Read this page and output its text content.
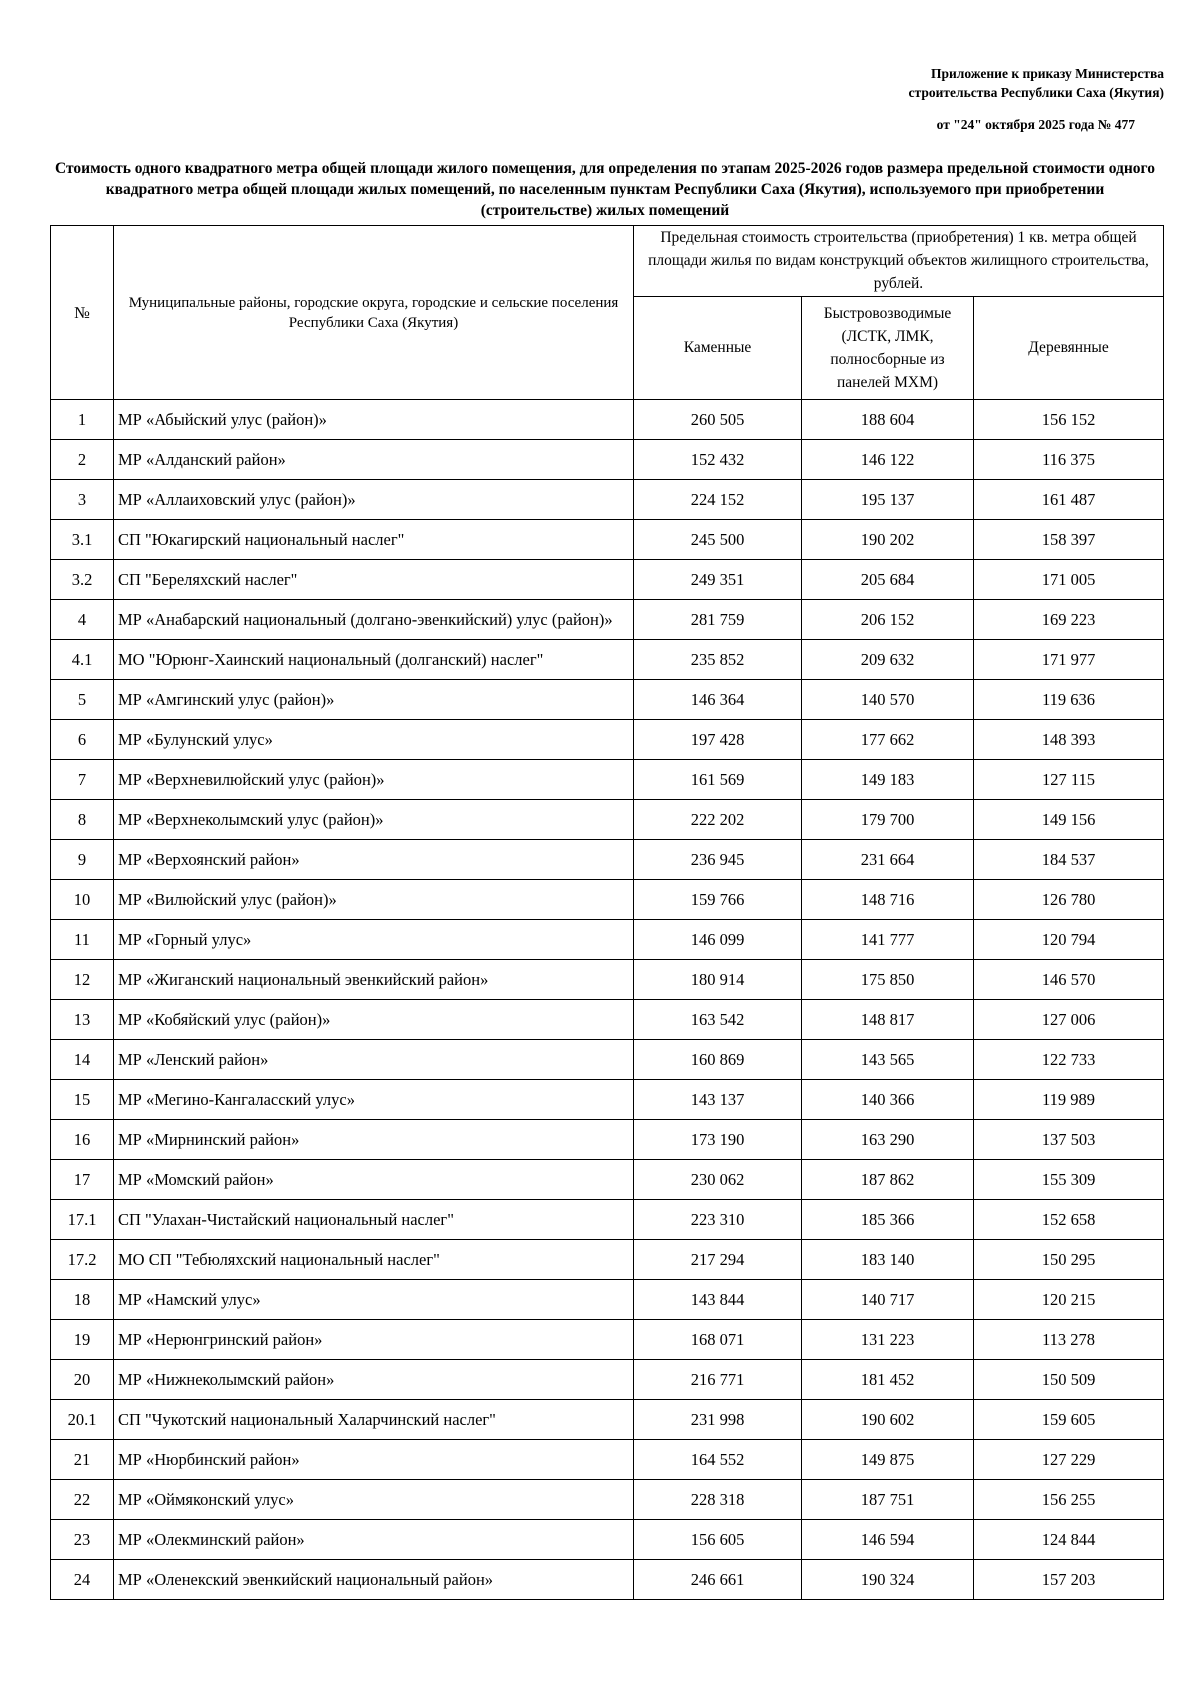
Приложение к приказу Министерства
строительства Республики Саха (Якутия)
от "24" октября 2025 года № 477
Стоимость одного квадратного метра общей площади жилого помещения, для определения по этапам 2025-2026 годов размера предельной стоимости одного квадратного метра общей площади жилых помещений, по населенным пунктам Республики Саха (Якутия), используемого при приобретении (строительстве) жилых помещений
№	Муниципальные районы, городские округа, городские и сельские поселения Республики Саха (Якутия)	Предельная стоимость строительства (приобретения) 1 кв. метра общей площади жилья по видам конструкций объектов жилищного строительства, рублей.		
		Каменные	Быстровозводимые (ЛСТК, ЛМК, полносборные из панелей МХМ)	Деревянные
1	МР «Абыйский улус (район)»	260 505	188 604	156 152
2	МР «Алданский район»	152 432	146 122	116 375
3	МР «Аллаиховский улус (район)»	224 152	195 137	161 487
3.1	СП "Юкагирский национальный наслег"	245 500	190 202	158 397
3.2	СП "Береляхский наслег"	249 351	205 684	171 005
4	МР «Анабарский национальный (долгано-эвенкийский) улус (район)»	281 759	206 152	169 223
4.1	МО "Юрюнг-Хаинский национальный (долганский) наслег"	235 852	209 632	171 977
5	МР «Амгинский улус (район)»	146 364	140 570	119 636
6	МР «Булунский улус»	197 428	177 662	148 393
7	МР «Верхневилюйский улус (район)»	161 569	149 183	127 115
8	МР «Верхнеколымский улус (район)»	222 202	179 700	149 156
9	МР «Верхоянский район»	236 945	231 664	184 537
10	МР «Вилюйский улус (район)»	159 766	148 716	126 780
11	МР «Горный улус»	146 099	141 777	120 794
12	МР «Жиганский национальный эвенкийский район»	180 914	175 850	146 570
13	МР «Кобяйский улус (район)»	163 542	148 817	127 006
14	МР «Ленский район»	160 869	143 565	122 733
15	МР «Мегино-Кангаласский улус»	143 137	140 366	119 989
16	МР «Мирнинский район»	173 190	163 290	137 503
17	МР «Момский район»	230 062	187 862	155 309
17.1	СП "Улахан-Чистайский национальный наслег"	223 310	185 366	152 658
17.2	МО СП "Тебюляхский национальный наслег"	217 294	183 140	150 295
18	МР «Намский улус»	143 844	140 717	120 215
19	МР «Нерюнгринский район»	168 071	131 223	113 278
20	МР «Нижнеколымский район»	216 771	181 452	150 509
20.1	СП "Чукотский национальный Халарчинский наслег"	231 998	190 602	159 605
21	МР «Нюрбинский район»	164 552	149 875	127 229
22	МР «Оймяконский улус»	228 318	187 751	156 255
23	МР «Олекминский район»	156 605	146 594	124 844
24	МР «Оленекский эвенкийский национальный район»	246 661	190 324	157 203
